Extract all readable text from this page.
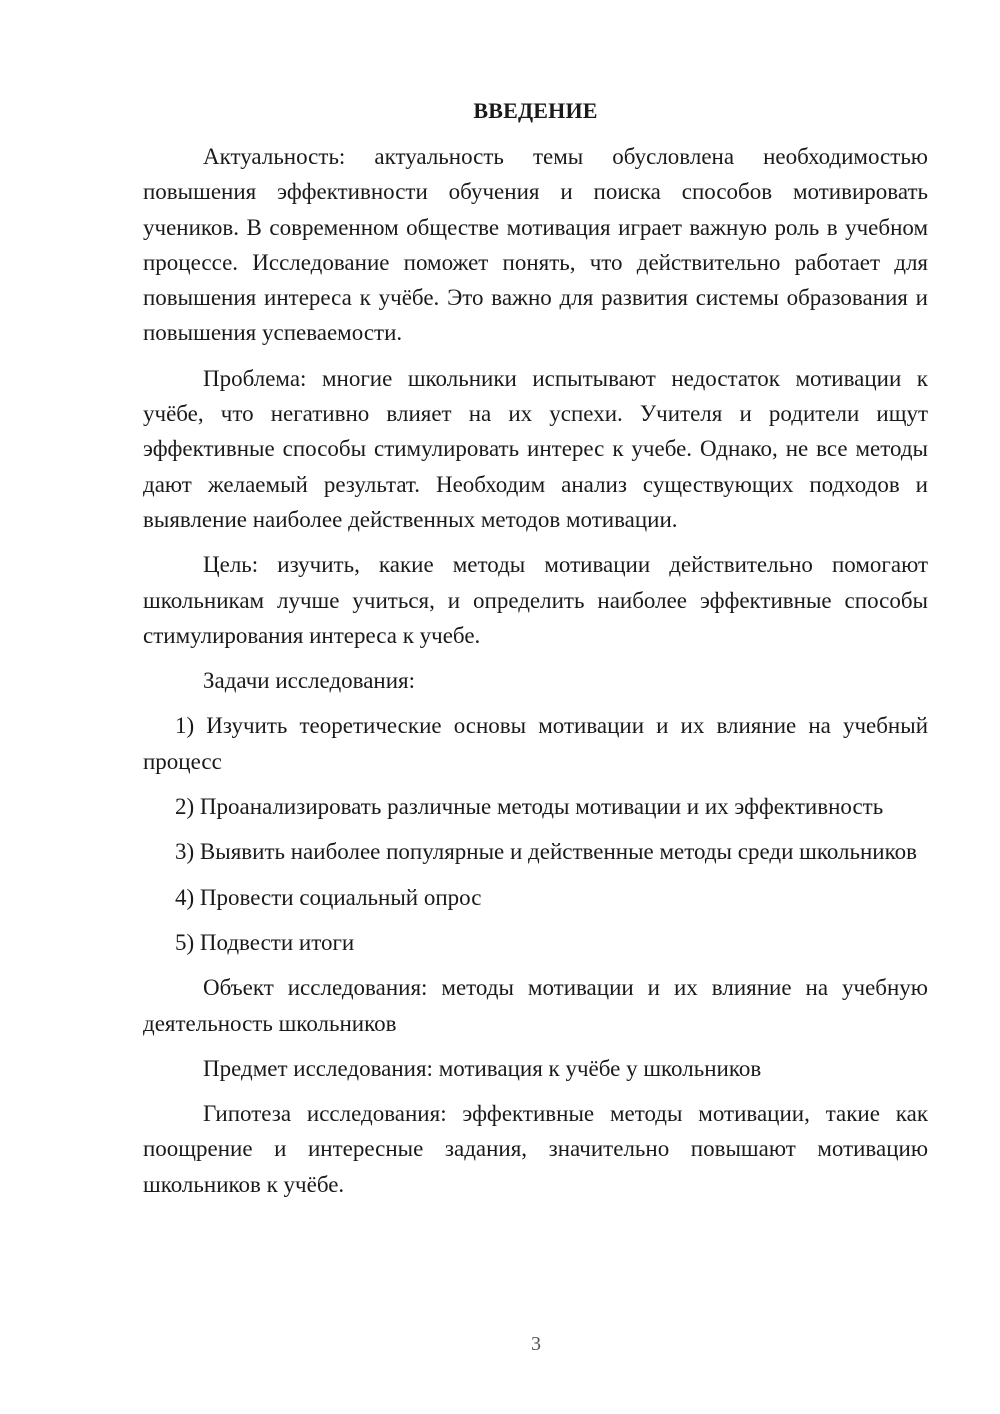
ВВЕДЕНИЕ

Актуальность: актуальность темы обусловлена необходимостью повышения эффективности обучения и поиска способов мотивировать учеников. В современном обществе мотивация играет важную роль в учебном процессе. Исследование поможет понять, что действительно работает для повышения интереса к учёбе. Это важно для развития системы образования и повышения успеваемости.

Проблема: многие школьники испытывают недостаток мотивации к учёбе, что негативно влияет на их успехи. Учителя и родители ищут эффективные способы стимулировать интерес к учебе. Однако, не все методы дают желаемый результат. Необходим анализ существующих подходов и выявление наиболее действенных методов мотивации.

Цель: изучить, какие методы мотивации действительно помогают школьникам лучше учиться, и определить наиболее эффективные способы стимулирования интереса к учебе.

Задачи исследования:

1) Изучить теоретические основы мотивации и их влияние на учебный процесс

2) Проанализировать различные методы мотивации и их эффективность

3) Выявить наиболее популярные и действенные методы среди школьников

4) Провести социальный опрос

5) Подвести итоги

Объект исследования: методы мотивации и их влияние на учебную деятельность школьников

Предмет исследования: мотивация к учёбе у школьников

Гипотеза исследования: эффективные методы мотивации, такие как поощрение и интересные задания, значительно повышают мотивацию школьников к учёбе.

3
